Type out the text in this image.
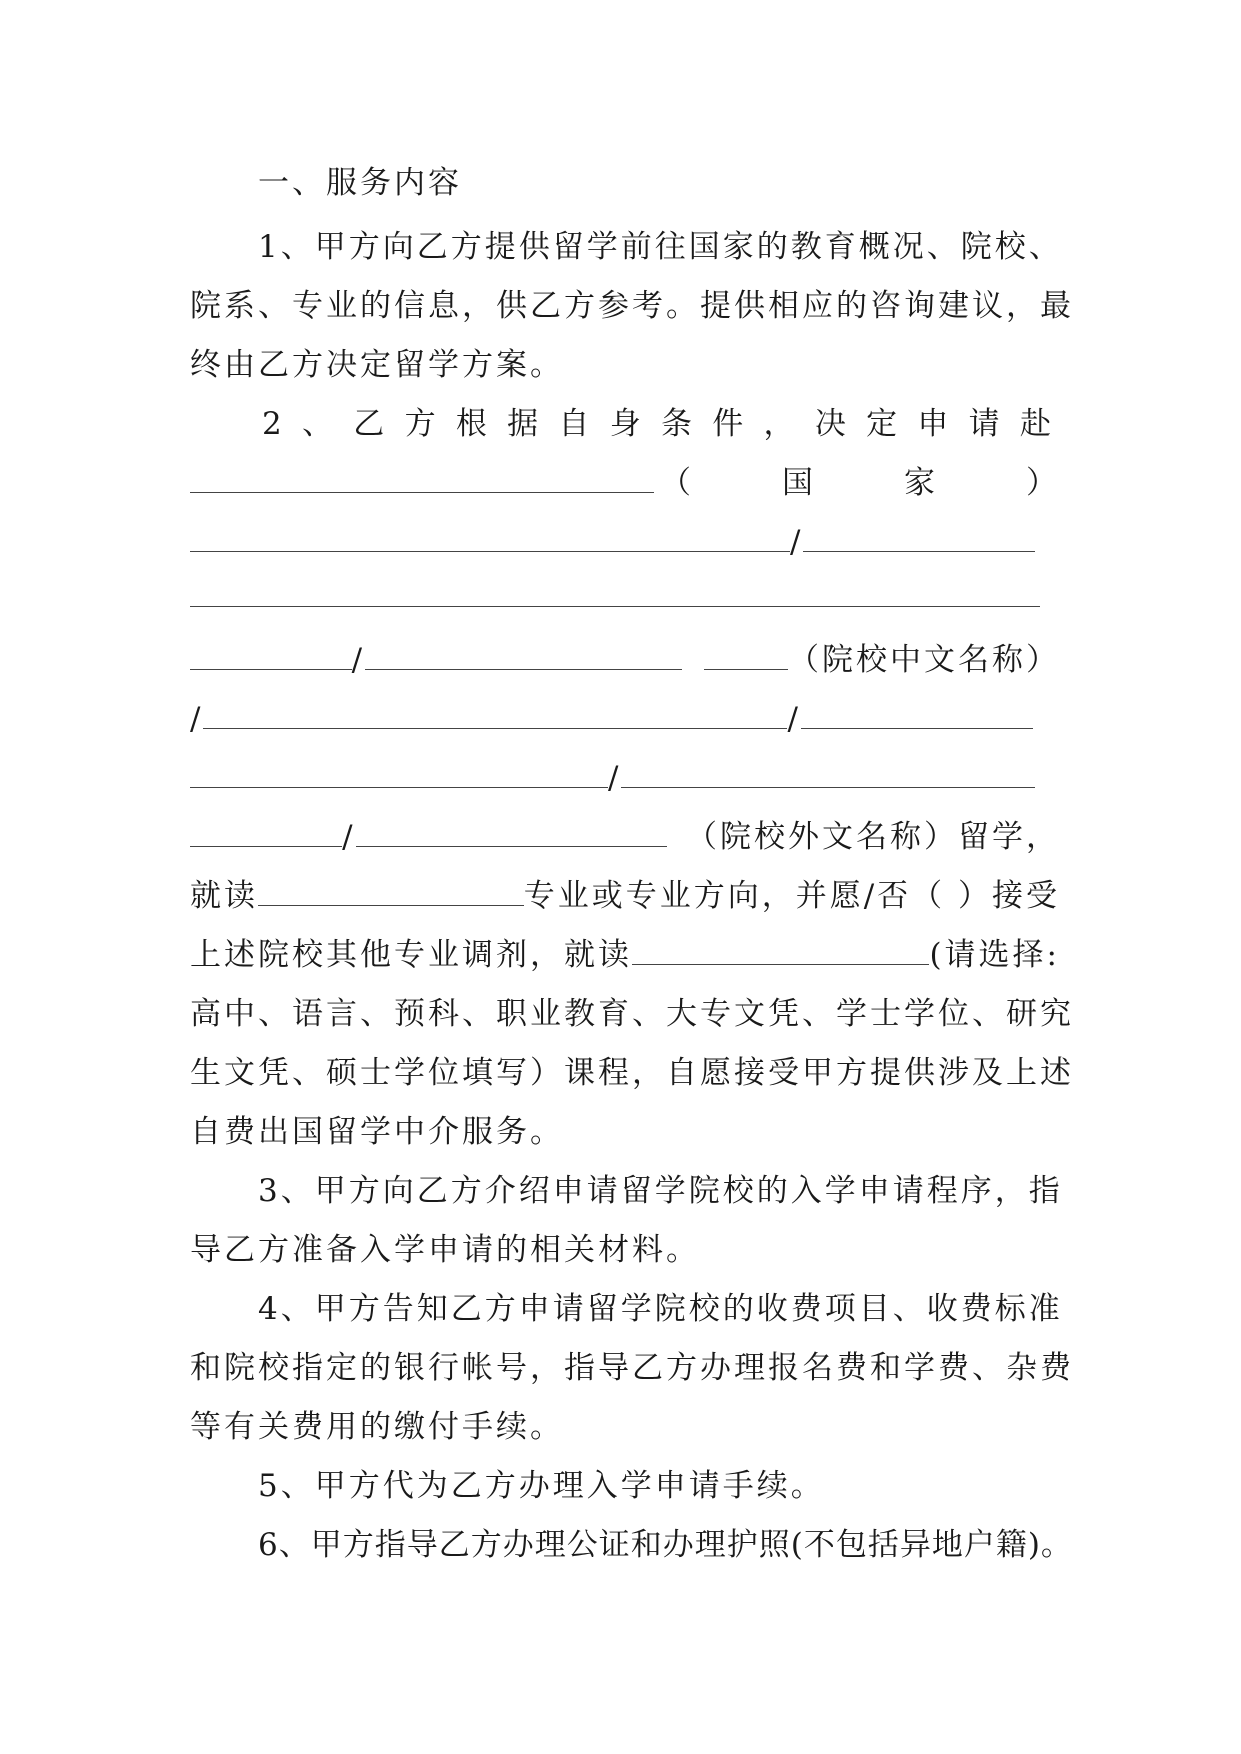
一、服务内容
1、甲方向乙方提供留学前往国家的教育概况、院校、
院系、专业的信息，供乙方参考。提供相应的咨询建议，最
终由乙方决定留学方案。
2 、 乙 方 根 据 自 身 条 件 ， 决 定 申 请 赴
（	国	家	）
/
/	（院校中文名称）
/	/
/
/	（院校外文名称）留学，
就读	专业或专业方向，并愿/否（ ）接受
上述院校其他专业调剂，就读	(请选择:
高中、语言、预科、职业教育、大专文凭、学士学位、研究
生文凭、硕士学位填写）课程，自愿接受甲方提供涉及上述
自费出国留学中介服务。
3、甲方向乙方介绍申请留学院校的入学申请程序，指
导乙方准备入学申请的相关材料。
4、甲方告知乙方申请留学院校的收费项目、收费标准
和院校指定的银行帐号，指导乙方办理报名费和学费、杂费
等有关费用的缴付手续。
5、甲方代为乙方办理入学申请手续。
6、甲方指导乙方办理公证和办理护照(不包括异地户籍)。
